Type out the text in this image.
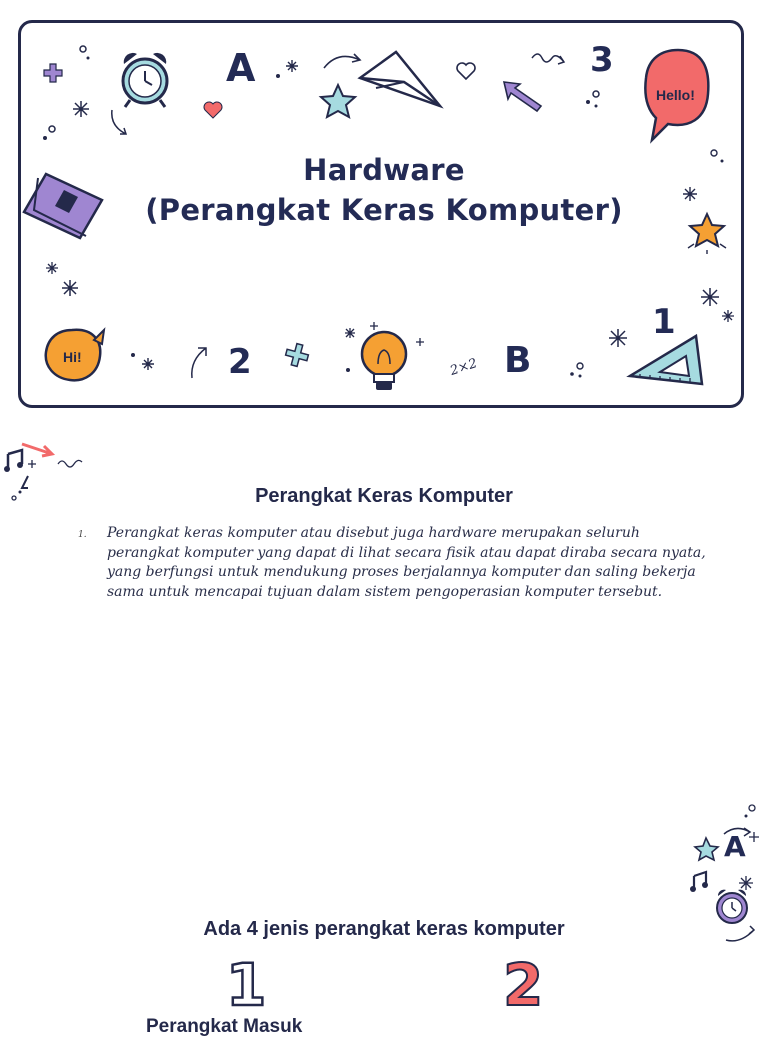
Hardware
(Perangkat Keras Komputer)
A	3
Hello!
1
Hi!	2	2×2 B
Perangkat Keras Komputer
1. Perangkat keras komputer atau disebut juga hardware merupakan seluruh perangkat komputer yang dapat di lihat secara fisik atau dapat diraba secara nyata, yang berfungsi untuk mendukung proses berjalannya komputer dan saling bekerja sama untuk mencapai tujuan dalam sistem pengoperasian komputer tersebut.
A
Ada 4 jenis perangkat keras komputer
1	2
Perangkat Masuk
